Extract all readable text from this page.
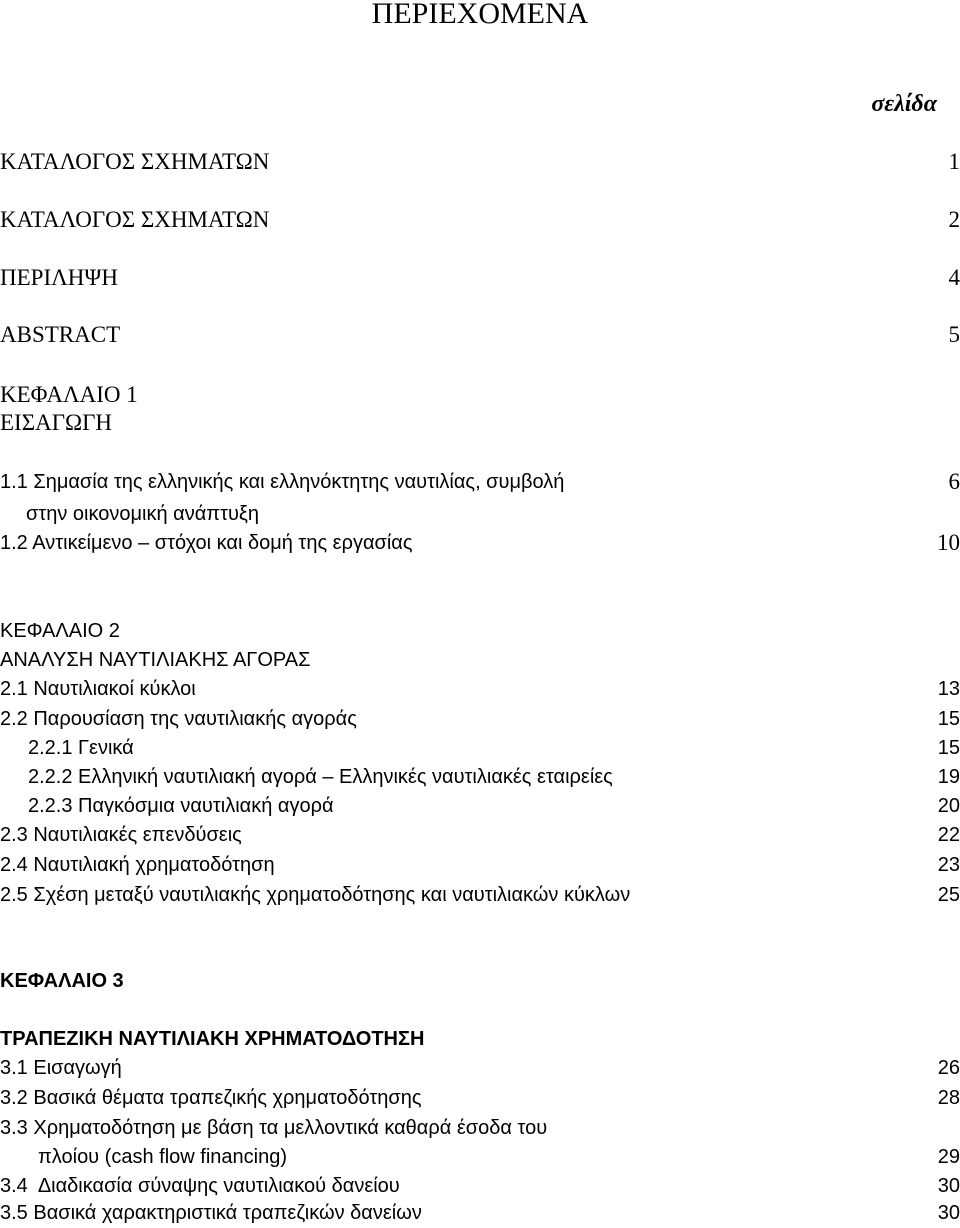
ΠΕΡΙΕΧΟΜΕΝΑ
σελίδα
ΚΑΤΑΛΟΓΟΣ ΣΧΗΜΑΤΩΝ	1
ΚΑΤΑΛΟΓΟΣ ΣΧΗΜΑΤΩΝ	2
ΠΕΡΙΛΗΨΗ	4
ABSTRACT	5
ΚΕΦΑΛΑΙΟ 1
ΕΙΣΑΓΩΓΗ
1.1 Σημασία της ελληνικής και ελληνόκτητης ναυτιλίας, συμβολή	6
στην οικονομική ανάπτυξη
1.2 Αντικείμενο – στόχοι και δομή της εργασίας	10
ΚΕΦΑΛΑΙΟ 2
ΑΝΑΛΥΣΗ ΝΑΥΤΙΛΙΑΚΗΣ ΑΓΟΡΑΣ
2.1 Ναυτιλιακοί κύκλοι	13
2.2 Παρουσίαση της ναυτιλιακής αγοράς	15
2.2.1 Γενικά	15
2.2.2 Ελληνική ναυτιλιακή αγορά – Ελληνικές ναυτιλιακές εταιρείες	19
2.2.3 Παγκόσμια ναυτιλιακή αγορά	20
2.3 Ναυτιλιακές επενδύσεις	22
2.4 Ναυτιλιακή χρηματοδότηση	23
2.5 Σχέση μεταξύ ναυτιλιακής χρηματοδότησης και ναυτιλιακών κύκλων	25
ΚΕΦΑΛΑΙΟ 3
ΤΡΑΠΕΖΙΚΗ ΝΑΥΤΙΛΙΑΚΗ ΧΡΗΜΑΤΟΔΟΤΗΣΗ
3.1 Εισαγωγή	26
3.2 Βασικά θέματα τραπεζικής χρηματοδότησης	28
3.3 Χρηματοδότηση με βάση τα μελλοντικά καθαρά έσοδα του
πλοίου (cash flow financing)	29
3.4  Διαδικασία σύναψης ναυτιλιακού δανείου	30
3.5 Βασικά χαρακτηριστικά τραπεζικών δανείων	30
